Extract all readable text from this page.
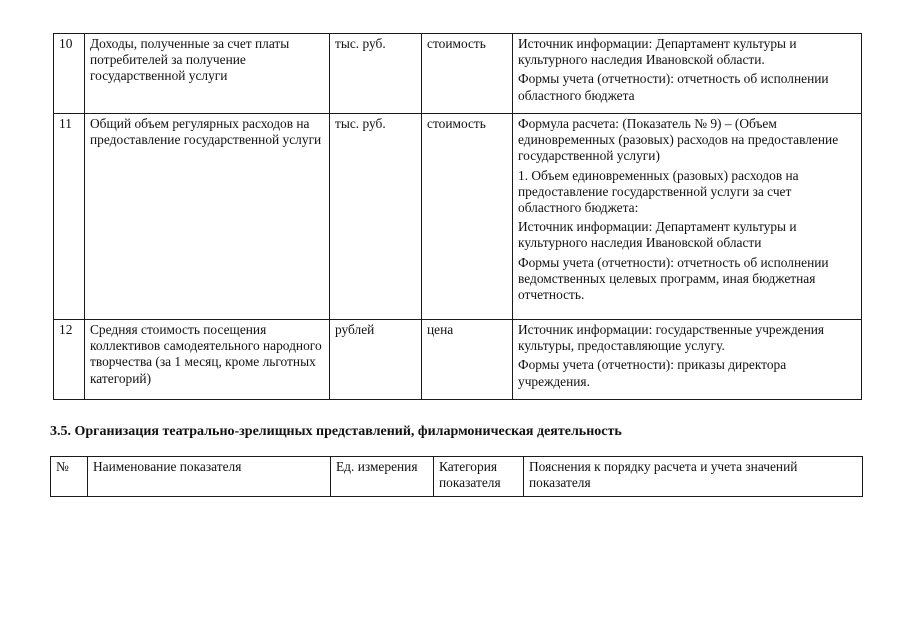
10	Доходы, полученные за счет платы потребителей за получение государственной услуги	тыс. руб.	стоимость	Источник информации: Департамент культуры и культурного наследия Ивановской области.

Формы учета (отчетности): отчетность об исполнении областного бюджета

11	Общий объем регулярных расходов на предоставление государственной услуги	тыс. руб.	стоимость	Формула расчета: (Показатель № 9) – (Объем единовременных (разовых) расходов на предоставление государственной услуги)

1. Объем единовременных (разовых) расходов на предоставление государственной услуги за счет областного бюджета:

Источник информации: Департамент культуры и культурного наследия Ивановской области

Формы учета (отчетности): отчетность об исполнении ведомственных целевых программ, иная бюджетная отчетность.

12	Средняя стоимость посещения коллективов самодеятельного народного творчества (за 1 месяц, кроме льготных категорий)	рублей	цена	Источник информации: государственные учреждения культуры, предоставляющие услугу.

Формы учета (отчетности): приказы директора учреждения.

3.5. Организация театрально-зрелищных представлений, филармоническая деятельность
№	Наименование показателя	Ед. измерения	Категория показателя	Пояснения к порядку расчета и учета значений показателя
